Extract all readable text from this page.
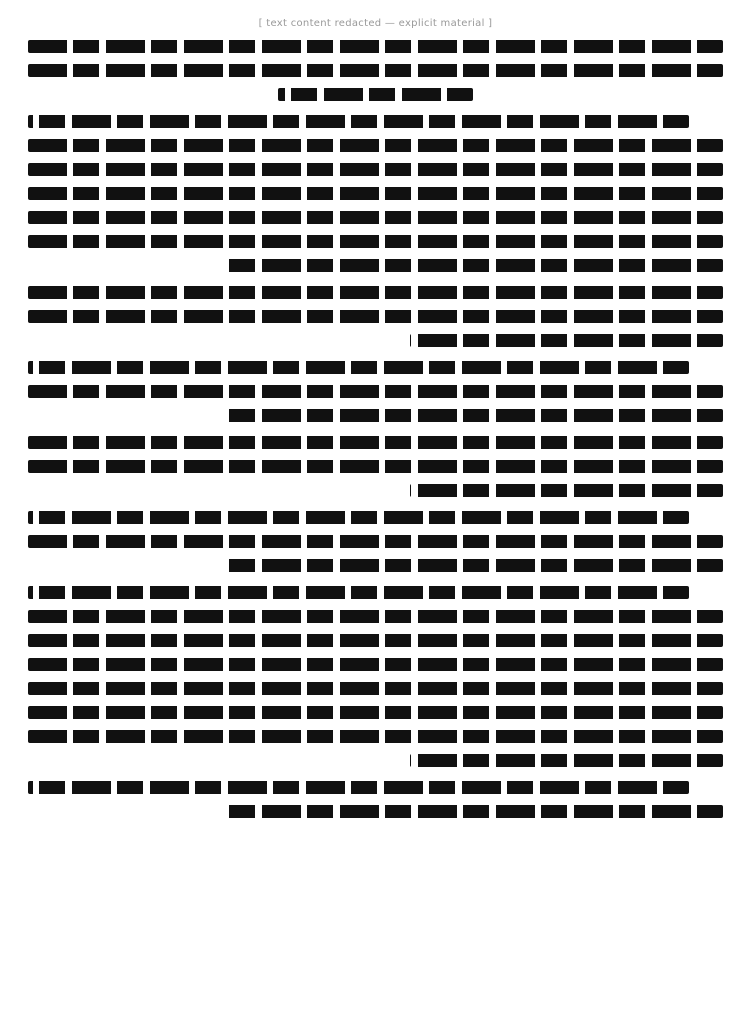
[ text content redacted — explicit material ]
